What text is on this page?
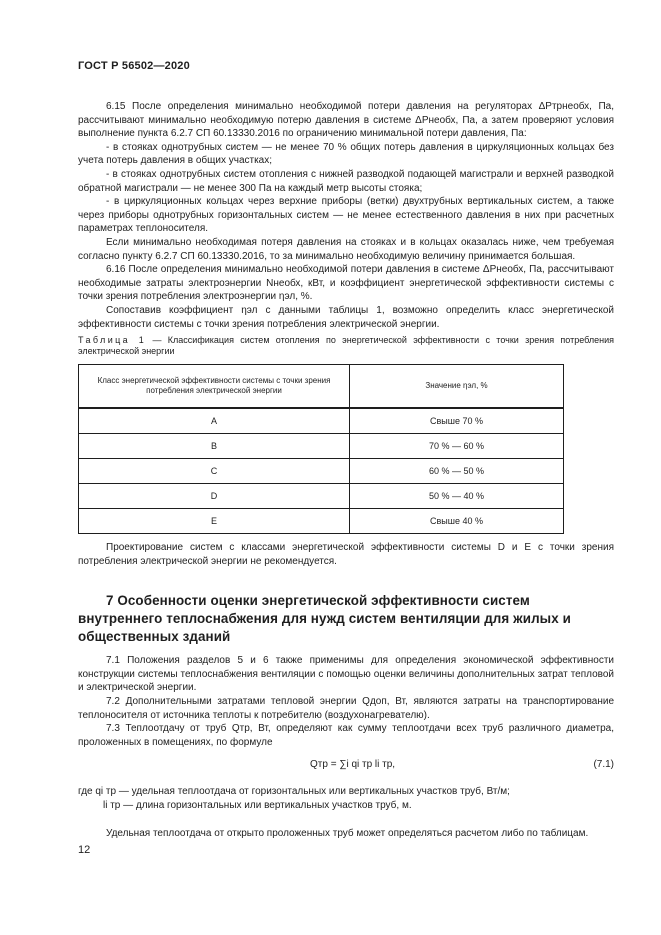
ГОСТ Р 56502—2020

6.15 После определения минимально необходимой потери давления на регуляторах ΔPтрнеобх, Па, рассчитывают минимально необходимую потерю давления в системе ΔPнеобх, Па, а затем проверяют условия выполнение пункта 6.2.7 СП 60.13330.2016 по ограничению минимальной потери давления, Па:

- в стояках однотрубных систем — не менее 70 % общих потерь давления в циркуляционных кольцах без учета потерь давления в общих участках;

- в стояках однотрубных систем отопления с нижней разводкой подающей магистрали и верхней разводкой обратной магистрали — не менее 300 Па на каждый метр высоты стояка;

- в циркуляционных кольцах через верхние приборы (ветки) двухтрубных вертикальных систем, а также через приборы однотрубных горизонтальных систем — не менее естественного давления в них при расчетных параметрах теплоносителя.

Если минимально необходимая потеря давления на стояках и в кольцах оказалась ниже, чем требуемая согласно пункту 6.2.7 СП 60.13330.2016, то за минимально необходимую величину принимается большая.

6.16 После определения минимально необходимой потери давления в системе ΔPнеобх, Па, рассчитывают необходимые затраты электроэнергии Nнеобх, кВт, и коэффициент энергетической эффективности системы с точки зрения потребления электроэнергии ηэл, %.

Сопоставив коэффициент ηэл с данными таблицы 1, возможно определить класс энергетической эффективности системы с точки зрения потребления электрической энергии.

Таблица 1 — Классификация систем отопления по энергетической эффективности с точки зрения потребления электрической энергии

Класс энергетической эффективности системы с точки зрения потребления электрической энергии	Значение ηэл, %
A	Свыше 70 %
B	70 % — 60 %
C	60 % — 50 %
D	50 % — 40 %
E	Свыше 40 %

Проектирование систем с классами энергетической эффективности системы D и E с точки зрения потребления электрической энергии не рекомендуется.

7 Особенности оценки энергетической эффективности систем внутреннего теплоснабжения для нужд систем вентиляции для жилых и общественных зданий

7.1 Положения разделов 5 и 6 также применимы для определения экономической эффективности конструкции системы теплоснабжения вентиляции с помощью оценки величины дополнительных затрат тепловой и электрической энергии.

7.2 Дополнительными затратами тепловой энергии Qдоп, Вт, являются затраты на транспортирование теплоносителя от источника теплоты к потребителю (воздухонагревателю).

7.3 Теплоотдачу от труб Qтр, Вт, определяют как сумму теплоотдачи всех труб различного диаметра, проложенных в помещениях, по формуле

Qтр = ∑i qi тр li тр,	(7.1)

где qi тр — удельная теплоотдача от горизонтальных или вертикальных участков труб, Вт/м;

li тр — длина горизонтальных или вертикальных участков труб, м.

Удельная теплоотдача от открыто проложенных труб может определяться расчетом либо по таблицам.

12
